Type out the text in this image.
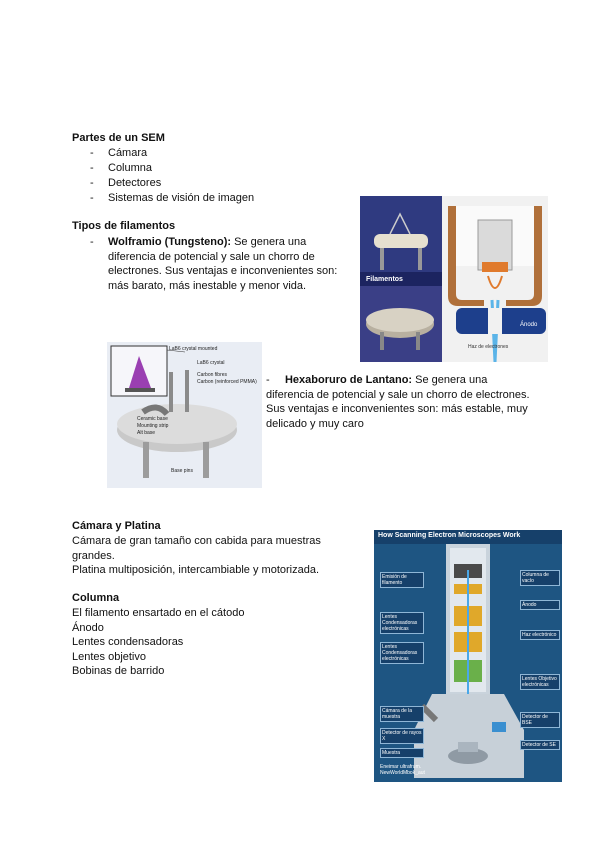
Partes de un SEM
- Cámara
- Columna
- Detectores
- Sistemas de visión de imagen
Tipos de filamentos
- Wolframio (Tungsteno): Se genera una diferencia de potencial y sale un chorro de electrones. Sus ventajas e inconvenientes son: más barato, más inestable y menor vida.	Filamentos
Ánodo
Haz de electrones
LaB6 crystal mounted
LaB6 crystal
Carbon fibres
Carbon (reinforced PMMA)
Ceramic base
Mounting strip
Alt base
Base pins
- Hexaboruro de Lantano: Se genera una diferencia de potencial y sale un chorro de electrones. Sus ventajas e inconvenientes son: más estable, muy delicado y muy caro
Cámara y Platina
Cámara de gran tamaño con cabida para muestras
grandes.
Platina multiposición, intercambiable y motorizada.
Columna
El filamento ensartado en el cátodo
Ánodo
Lentes condensadoras
Lentes objetivo
Bobinas de barrido
How Scanning Electron Microscopes Work
Emisión de filamento
Lentes Condensadoras electrónicas
Lentes Condensadoras electrónicas
Cámara de la muestra
Detector de rayos X
Muestra
Eneimar ultrafrum. NewWorldMbok_aut
Columna de vacío
Ánodo
Haz electrónico
Lentes Objetivo electrónicas
Detector de BSE
Detector de SE
